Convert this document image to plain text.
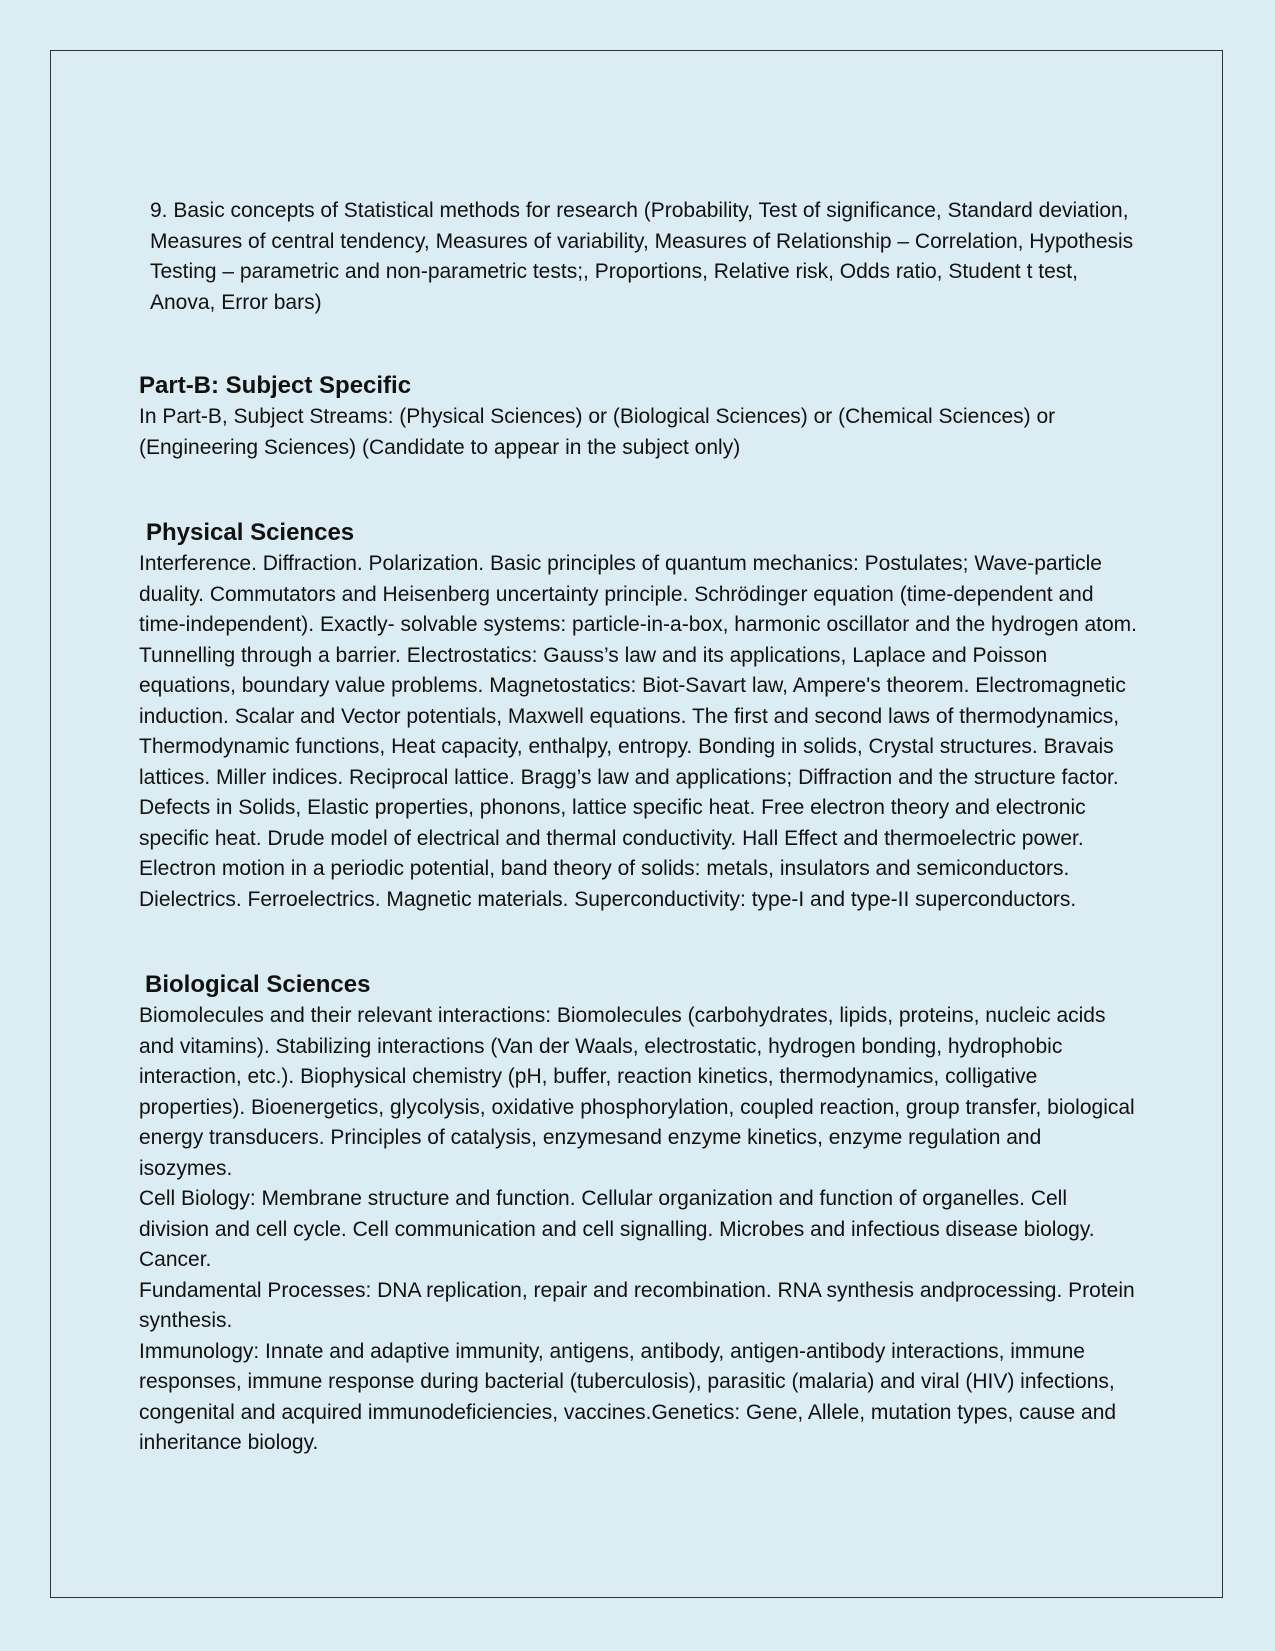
9. Basic concepts of Statistical methods for research (Probability, Test of significance, Standard deviation, Measures of central tendency, Measures of variability, Measures of Relationship – Correlation, Hypothesis Testing – parametric and non-parametric tests;, Proportions, Relative risk, Odds ratio, Student t test, Anova, Error bars)

Part-B: Subject Specific

In Part-B, Subject Streams: (Physical Sciences) or (Biological Sciences) or (Chemical Sciences) or (Engineering Sciences) (Candidate to appear in the subject only)

Physical Sciences

Interference. Diffraction. Polarization. Basic principles of quantum mechanics: Postulates; Wave-particle duality. Commutators and Heisenberg uncertainty principle. Schrödinger equation (time-dependent and time-independent). Exactly- solvable systems: particle-in-a-box, harmonic oscillator and the hydrogen atom. Tunnelling through a barrier. Electrostatics: Gauss’s law and its applications, Laplace and Poisson equations, boundary value problems. Magnetostatics: Biot-Savart law, Ampere's theorem. Electromagnetic induction. Scalar and Vector potentials, Maxwell equations. The first and second laws of thermodynamics, Thermodynamic functions, Heat capacity, enthalpy, entropy. Bonding in solids, Crystal structures. Bravais lattices. Miller indices. Reciprocal lattice. Bragg’s law and applications; Diffraction and the structure factor. Defects in Solids, Elastic properties, phonons, lattice specific heat. Free electron theory and electronic specific heat. Drude model of electrical and thermal conductivity. Hall Effect and thermoelectric power. Electron motion in a periodic potential, band theory of solids: metals, insulators and semiconductors. Dielectrics. Ferroelectrics. Magnetic materials. Superconductivity: type-I and type-II superconductors.

Biological Sciences

Biomolecules and their relevant interactions: Biomolecules (carbohydrates, lipids, proteins, nucleic acids and vitamins). Stabilizing interactions (Van der Waals, electrostatic, hydrogen bonding, hydrophobic interaction, etc.). Biophysical chemistry (pH, buffer, reaction kinetics, thermodynamics, colligative properties). Bioenergetics, glycolysis, oxidative phosphorylation, coupled reaction, group transfer, biological energy transducers. Principles of catalysis, enzymesand enzyme kinetics, enzyme regulation and isozymes.

Cell Biology: Membrane structure and function. Cellular organization and function of organelles. Cell division and cell cycle. Cell communication and cell signalling. Microbes and infectious disease biology. Cancer.

Fundamental Processes: DNA replication, repair and recombination. RNA synthesis andprocessing. Protein synthesis.

Immunology: Innate and adaptive immunity, antigens, antibody, antigen-antibody interactions, immune responses, immune response during bacterial (tuberculosis), parasitic (malaria) and viral (HIV) infections, congenital and acquired immunodeficiencies, vaccines.Genetics: Gene, Allele, mutation types, cause and inheritance biology.
